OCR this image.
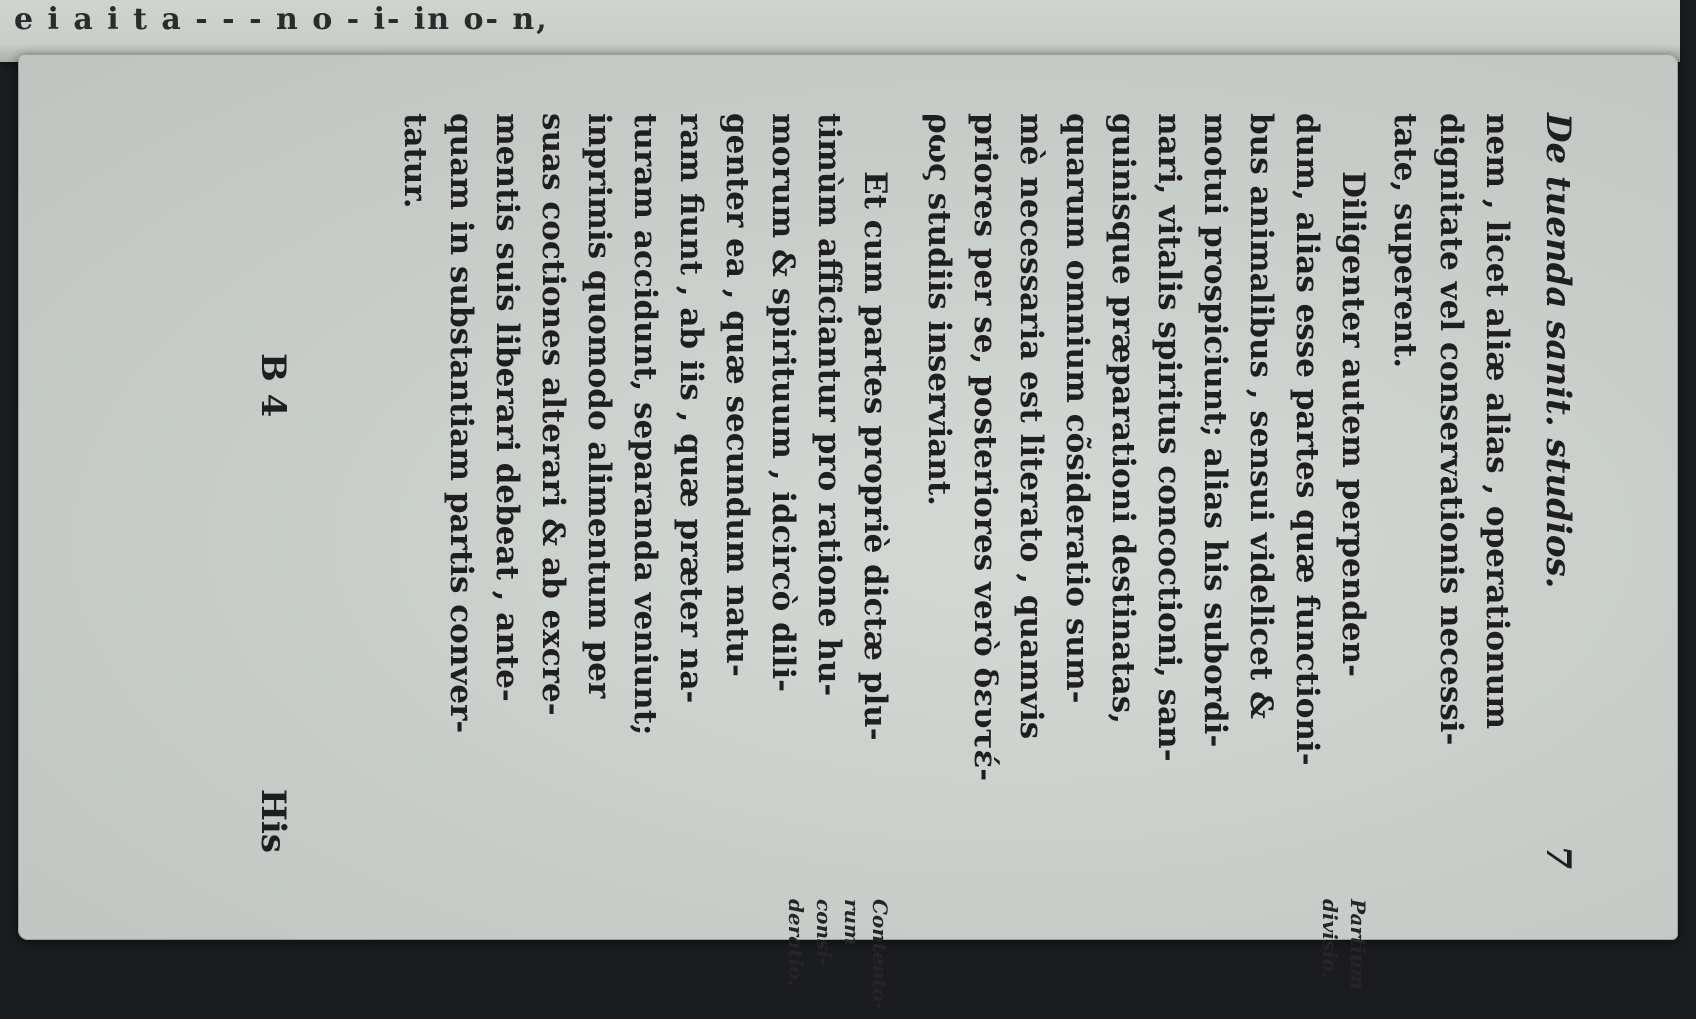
e i a i t a - - - n o - i- in o- n,
De tuenda sanit. studios.
7
nem , licet aliæ alias , operationum
dignitate vel conservationis necessi-
tate, superent.
Partium divisio.
Diligenter autem perpenden-
dum, alias esse partes quæ functioni-
bus animalibus , sensui videlicet &
motui prospiciunt; alias his subordi-
nari, vitalis spiritus concoctioni, san-
guinisque præparationi destinatas,
quarum omnium cõsideratio sum-
mè necessaria est literato , quamvis
priores per se, posteriores verò δευτέ-
ρως studiis inserviant.
Contento-rum consi-deratio.
Et cum partes propriè dictæ plu-
timùm afficiantur pro ratione hu-
morum & spirituum , idcircò dili-
genter ea , quæ secundum natu-
ram fiunt , ab iis , quæ præter na-
turam accidunt, separanda veniunt;
inprimis quomodo alimentum per
suas coctiones alterari & ab excre-
mentis suis liberari debeat , ante-
quam in substantiam partis conver-
tatur.
B 4
His
